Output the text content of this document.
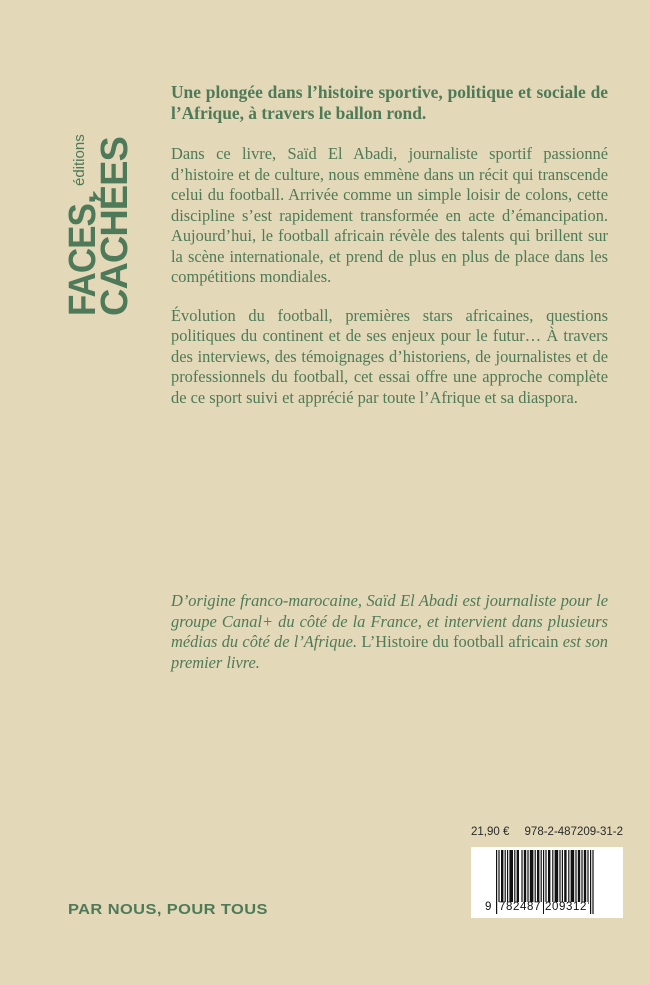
FACES,
CACHÉES
éditions

Une plongée dans l’histoire sportive, politique et sociale de l’Afrique, à travers le ballon rond.

Dans ce livre, Saïd El Abadi, journaliste sportif passionné d’histoire et de culture, nous emmène dans un récit qui transcende celui du football. Arrivée comme un simple loisir de colons, cette discipline s’est rapidement transformée en acte d’émancipation. Aujourd’hui, le football africain révèle des talents qui brillent sur la scène internationale, et prend de plus en plus de place dans les compétitions mondiales.

Évolution du football, premières stars africaines, questions politiques du continent et de ses enjeux pour le futur… À travers des interviews, des témoignages d’historiens, de journalistes et de professionnels du football, cet essai offre une approche complète de ce sport suivi et apprécié par toute l’Afrique et sa diaspora.

D’origine franco-marocaine, Saïd El Abadi est journaliste pour le groupe Canal+ du côté de la France, et intervient dans plusieurs médias du côté de l’Afrique. L’Histoire du football africain est son premier livre.

PAR NOUS, POUR TOUS
21,90 € 978-2-487209-31-2
9 782487 209312
